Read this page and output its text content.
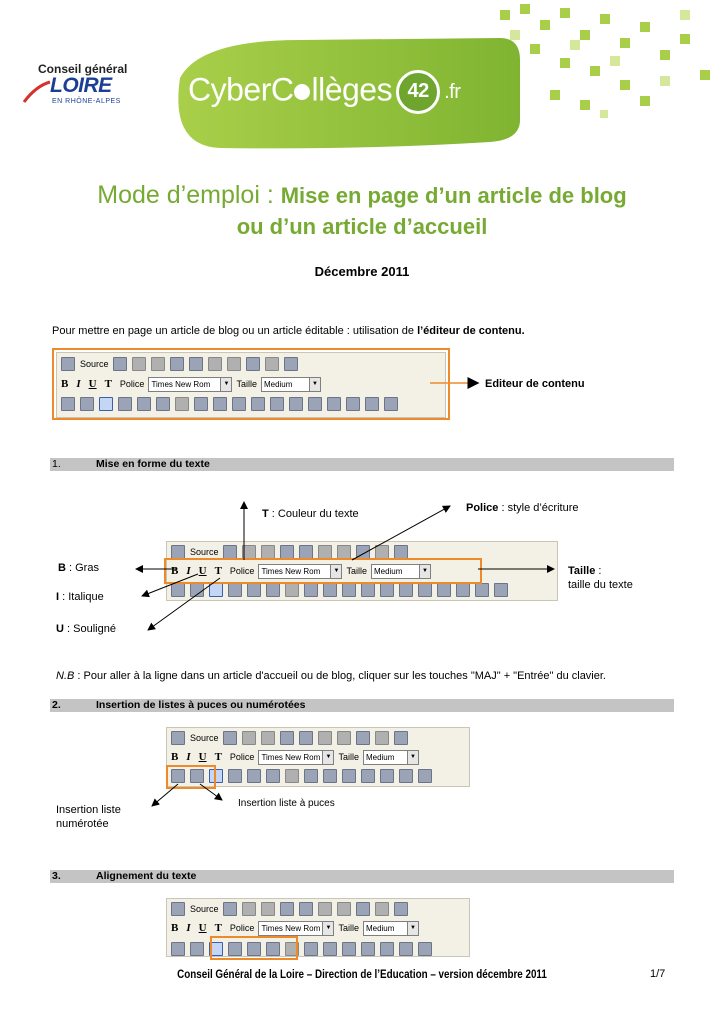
Conseil général
LOIRE
EN RHÔNE-ALPES CyberC llèges 42 .fr
Mode d’emploi : Mise en page d’un article de blog
ou d’un article d’accueil
Décembre 2011
Pour mettre en page un article de blog ou un article éditable : utilisation de l’éditeur de contenu.
Source
B I U T Police Times New Rom	▼ Taille Medium	▼	Editeur de contenu
1.	Mise en forme du texte
T : Couleur du texte	Police : style d’écriture
Source
B I U T Police Times New Rom	▼ Taille Medium	▼
B : Gras
I : Italique
U : Souligné
Taille :
taille du texte
N.B : Pour aller à la ligne dans un article d'accueil ou de blog, cliquer sur les touches "MAJ" + "Entrée" du clavier.
2.	Insertion de listes à puces ou numérotées
Source
B I U T Police Times New Rom ▼ Taille Medium	▼
Insertion liste
numérotée
Insertion liste à puces
3.	Alignement du texte
Source
B I U T Police Times New Rom ▼ Taille Medium	▼
Conseil Général de la Loire – Direction de l’Education – version décembre 2011	1/7
